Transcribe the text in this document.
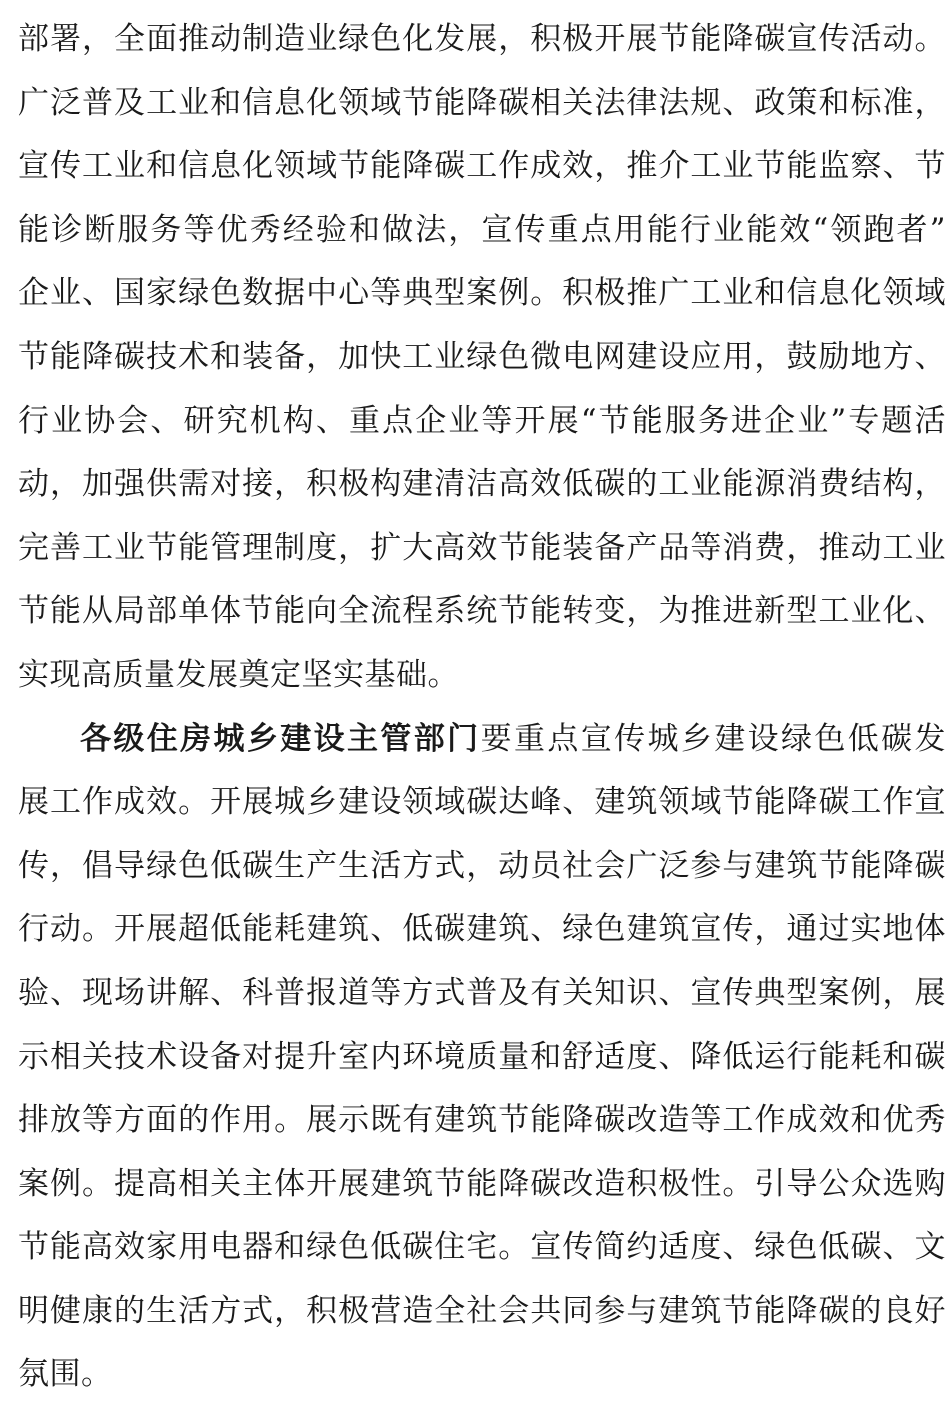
部署，全面推动制造业绿色化发展，积极开展节能降碳宣传活动。
广泛普及工业和信息化领域节能降碳相关法律法规、政策和标准，
宣传工业和信息化领域节能降碳工作成效，推介工业节能监察、节
能诊断服务等优秀经验和做法，宣传重点用能行业能效“领跑者”
企业、国家绿色数据中心等典型案例。积极推广工业和信息化领域
节能降碳技术和装备，加快工业绿色微电网建设应用，鼓励地方、
行业协会、研究机构、重点企业等开展“节能服务进企业”专题活
动，加强供需对接，积极构建清洁高效低碳的工业能源消费结构，
完善工业节能管理制度，扩大高效节能装备产品等消费，推动工业
节能从局部单体节能向全流程系统节能转变，为推进新型工业化、
实现高质量发展奠定坚实基础。
各级住房城乡建设主管部门要重点宣传城乡建设绿色低碳发
展工作成效。开展城乡建设领域碳达峰、建筑领域节能降碳工作宣
传，倡导绿色低碳生产生活方式，动员社会广泛参与建筑节能降碳
行动。开展超低能耗建筑、低碳建筑、绿色建筑宣传，通过实地体
验、现场讲解、科普报道等方式普及有关知识、宣传典型案例，展
示相关技术设备对提升室内环境质量和舒适度、降低运行能耗和碳
排放等方面的作用。展示既有建筑节能降碳改造等工作成效和优秀
案例。提高相关主体开展建筑节能降碳改造积极性。引导公众选购
节能高效家用电器和绿色低碳住宅。宣传简约适度、绿色低碳、文
明健康的生活方式，积极营造全社会共同参与建筑节能降碳的良好
氛围。
